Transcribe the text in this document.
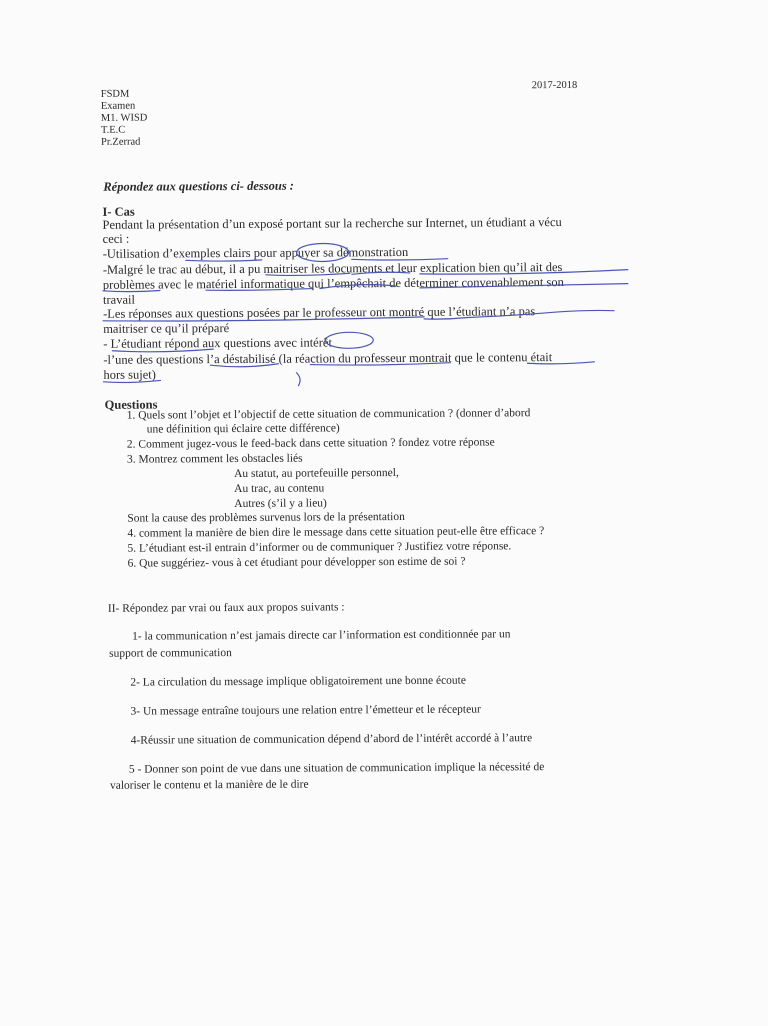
FSDM
Examen
M1. WISD
T.E.C
Pr.Zerrad
2017-2018
Répondez aux questions ci- dessous :
I- Cas
Pendant la présentation d’un exposé portant sur la recherche sur Internet, un étudiant a vécu
ceci :
-Utilisation d’exemples clairs pour appuyer sa démonstration
-Malgré le trac au début, il a pu maitriser les documents et leur explication bien qu’il ait des
problèmes avec le matériel informatique qui l’empêchait de déterminer convenablement son
travail
-Les réponses aux questions posées par le professeur ont montré que l’étudiant n’a pas
maitriser ce qu’il préparé
- L’étudiant répond aux questions avec intérêt
-l’une des questions l’a déstabilisé (la réaction du professeur montrait que le contenu était
hors sujet)
Questions
1. Quels sont l’objet et l’objectif de cette situation de communication ? (donner d’abord
une définition qui éclaire cette différence)
2. Comment jugez-vous le feed-back dans cette situation ? fondez votre réponse
3. Montrez comment les obstacles liés
Au statut, au portefeuille personnel,
Au trac, au contenu
Autres (s’il y a lieu)
Sont la cause des problèmes survenus lors de la présentation
4. comment la manière de bien dire le message dans cette situation peut-elle être efficace ?
5. L’étudiant est-il entrain d’informer ou de communiquer ? Justifiez votre réponse.
6. Que suggériez- vous à cet étudiant pour développer son estime de soi ?
II- Répondez par vrai ou faux aux propos suivants :
1- la communication n’est jamais directe car l’information est conditionnée par un
support de communication
2- La circulation du message implique obligatoirement une bonne écoute
3- Un message entraîne toujours une relation entre l’émetteur et le récepteur
4-Réussir une situation de communication dépend d’abord de l’intérêt accordé à l’autre
5 - Donner son point de vue dans une situation de communication implique la nécessité de
valoriser le contenu et la manière de le dire
